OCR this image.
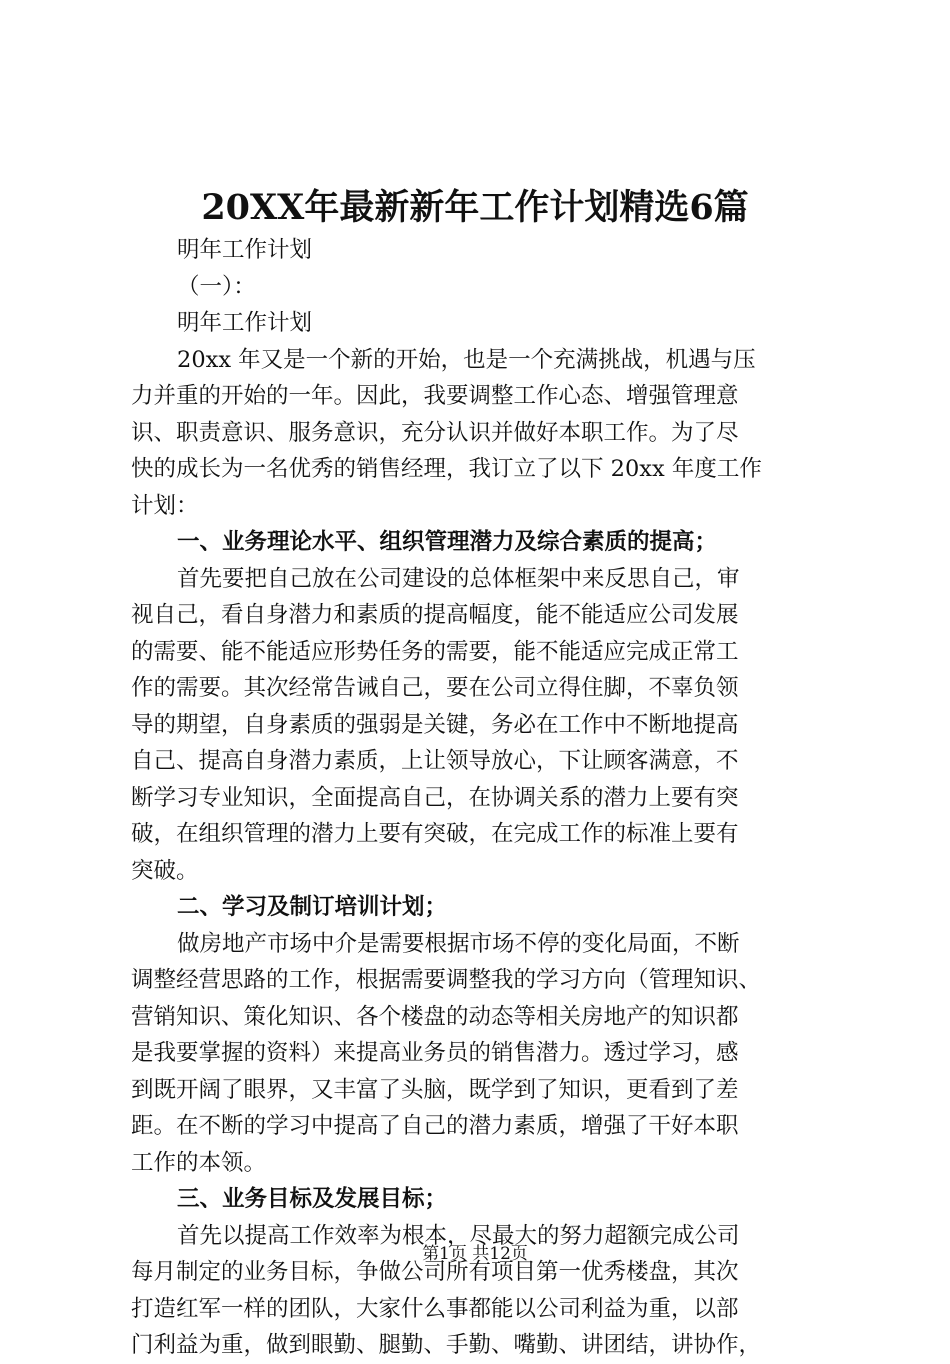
20XX年最新新年工作计划精选6篇
明年工作计划
（一）：
明年工作计划
20xx 年又是一个新的开始，也是一个充满挑战，机遇与压
力并重的开始的一年。因此，我要调整工作心态、增强管理意
识、职责意识、服务意识，充分认识并做好本职工作。为了尽
快的成长为一名优秀的销售经理，我订立了以下 20xx 年度工作
计划：
一、业务理论水平、组织管理潜力及综合素质的提高；
首先要把自己放在公司建设的总体框架中来反思自己，审
视自己，看自身潜力和素质的提高幅度，能不能适应公司发展
的需要、能不能适应形势任务的需要，能不能适应完成正常工
作的需要。其次经常告诫自己，要在公司立得住脚，不辜负领
导的期望，自身素质的强弱是关键，务必在工作中不断地提高
自己、提高自身潜力素质，上让领导放心，下让顾客满意，不
断学习专业知识，全面提高自己，在协调关系的潜力上要有突
破，在组织管理的潜力上要有突破，在完成工作的标准上要有
突破。
二、学习及制订培训计划；
做房地产市场中介是需要根据市场不停的变化局面，不断
调整经营思路的工作，根据需要调整我的学习方向（管理知识、
营销知识、策化知识、各个楼盘的动态等相关房地产的知识都
是我要掌握的资料）来提高业务员的销售潜力。透过学习，感
到既开阔了眼界，又丰富了头脑，既学到了知识，更看到了差
距。在不断的学习中提高了自己的潜力素质，增强了干好本职
工作的本领。
三、业务目标及发展目标；
首先以提高工作效率为根本，尽最大的努力超额完成公司
每月制定的业务目标，争做公司所有项目第一优秀楼盘，其次
打造红军一样的团队，大家什么事都能以公司利益为重，以部
门利益为重，做到眼勤、腿勤、手勤、嘴勤、讲团结，讲协作，
第1页 共12页
